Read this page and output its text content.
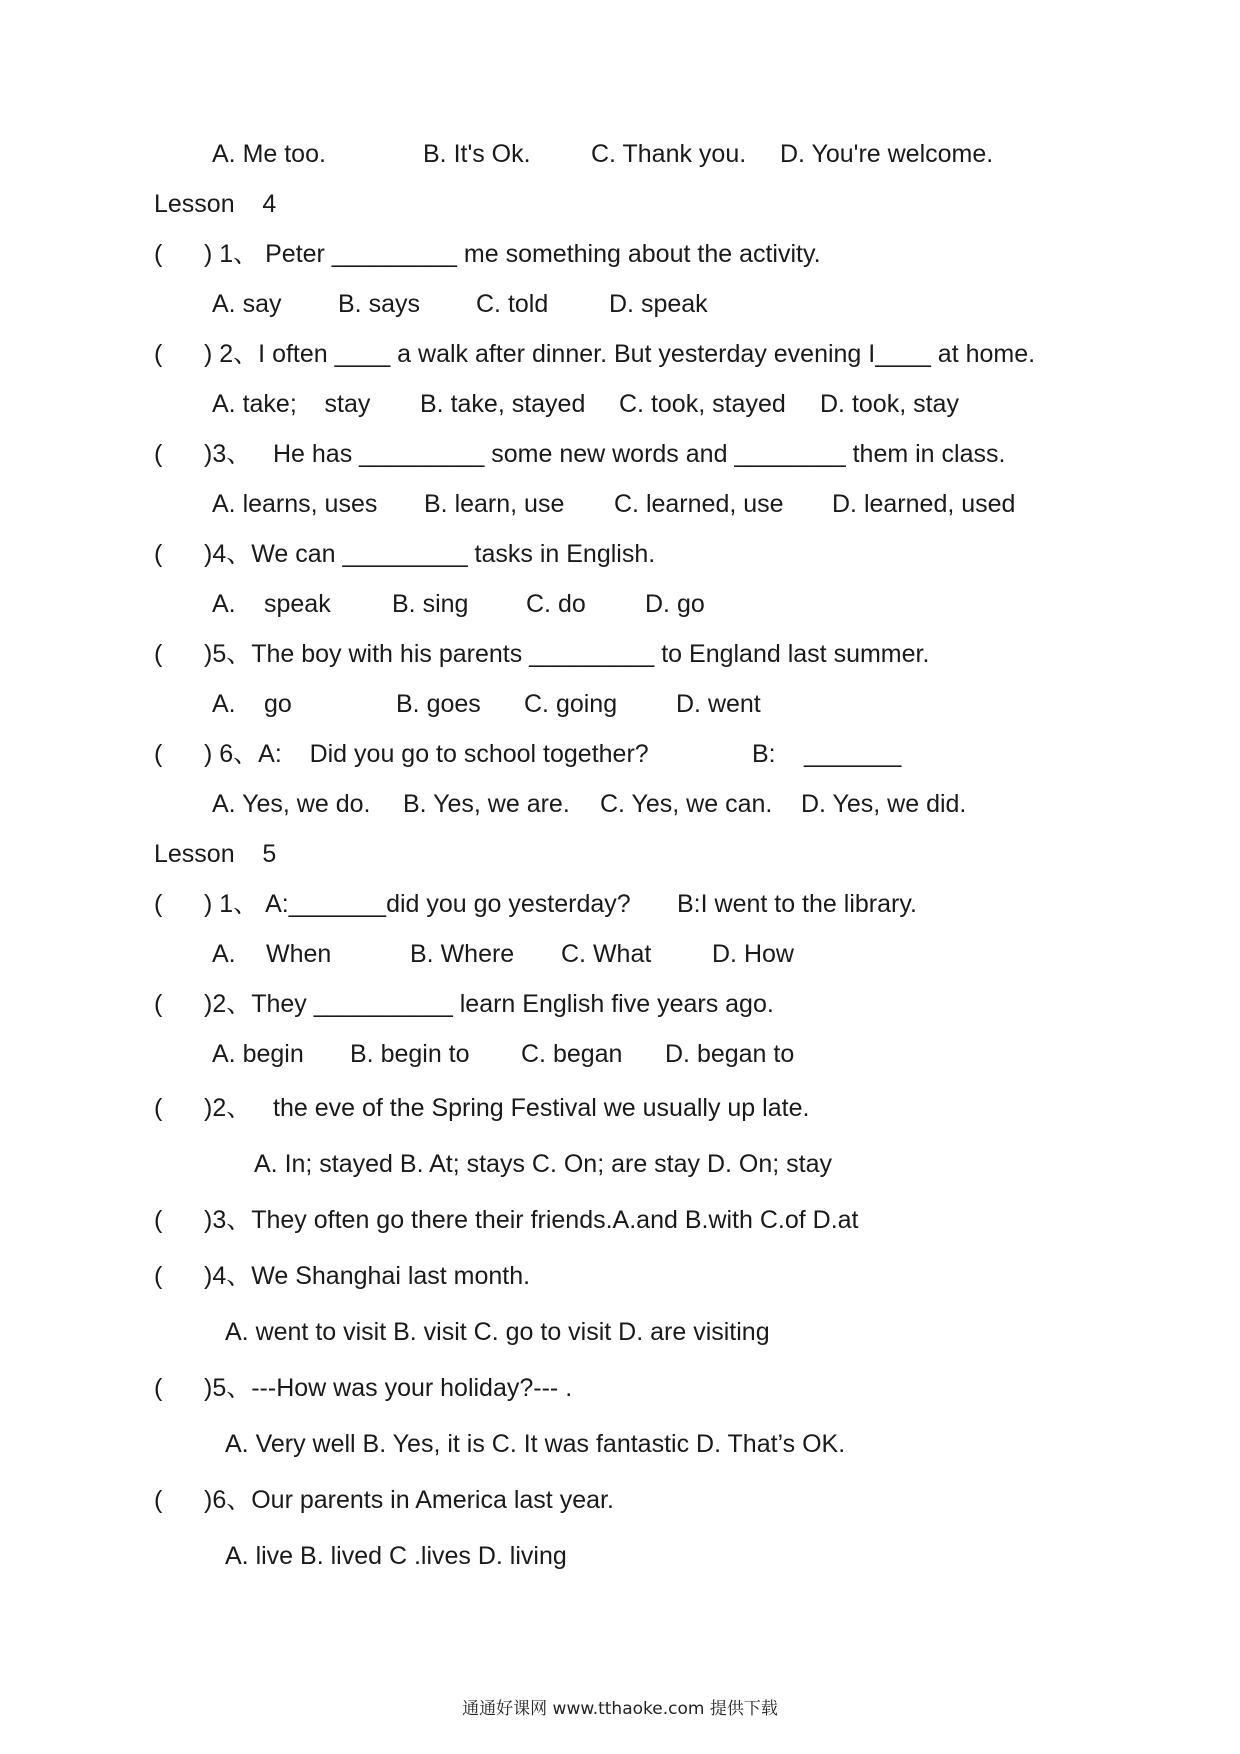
A. Me too.	B. It's Ok. C. Thank you. D. You're welcome.

Lesson    4

(      ) 1、 Peter _________ me something about the activity.

A. say B. says C. told D. speak

(      ) 2、I often ____ a walk after dinner. But yesterday evening I____ at home.

A. take;    stay B. take, stayed C. took, stayed D. took, stay

(      )3、 He has _________ some new words and ________ them in class.

A. learns, uses B. learn, use C. learned, use D. learned, used

(      )4、We can _________ tasks in English.

A. speak B. sing C. do D. go

(      )5、The boy with his parents _________ to England last summer.

A. go	B. goes C. going D. went

(      ) 6、A:    Did you go to school together?	B: _______

A. Yes, we do. B. Yes, we are. C. Yes, we can. D. Yes, we did.

Lesson    5

(      ) 1、 A:_______did you go yesterday? B:I went to the library.

A. When	B. Where C. What D. How

(      )2、They __________ learn English five years ago.

A. begin B. begin to C. began D. began to

(      )2、 the eve of the Spring Festival we usually up late.

A. In; stayed B. At; stays C. On; are stay D. On; stay

(      )3、They often go there their friends.A.and B.with C.of D.at

(      )4、We Shanghai last month.

A. went to visit B. visit C. go to visit D. are visiting

(      )5、---How was your holiday?--- .

A. Very well B. Yes, it is C. It was fantastic D. That’s OK.

(      )6、Our parents in America last year.

A. live B. lived C .lives D. living

通通好课网 www.tthaoke.com 提供下载
